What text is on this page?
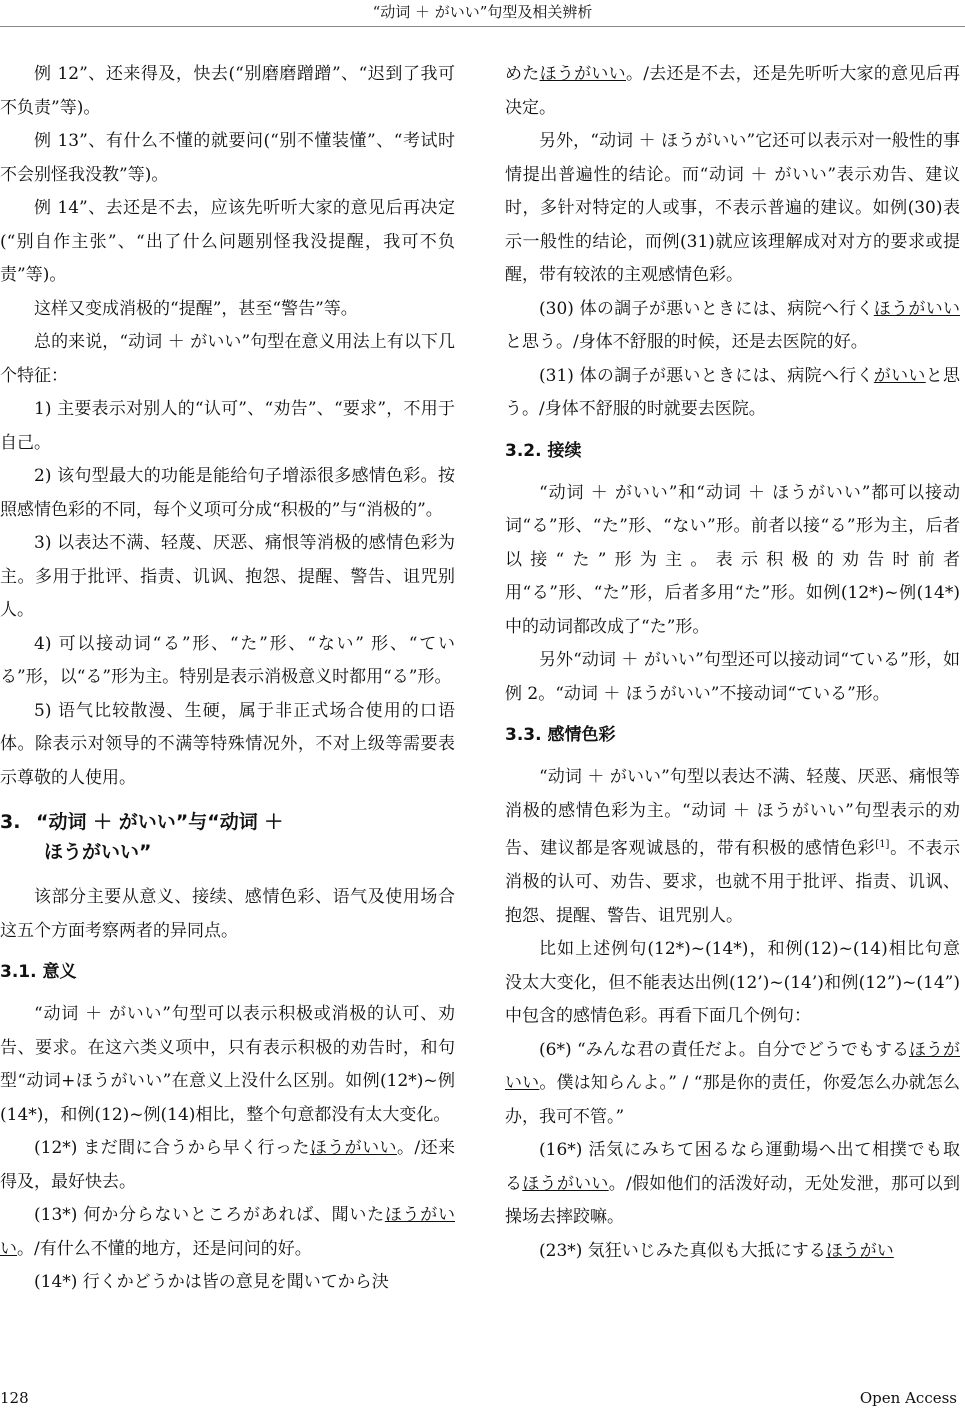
“动词 ＋ がいい”句型及相关辨析

例 12”、还来得及，快去(“别磨磨蹭蹭”、“迟到了我可不负责”等)。

例 13”、有什么不懂的就要问(“别不懂装懂”、“考试时不会别怪我没教”等)。

例 14”、去还是不去，应该先听听大家的意见后再决定(“别自作主张”、“出了什么问题别怪我没提醒，我可不负责”等)。

这样又变成消极的“提醒”，甚至“警告”等。

总的来说，“动词 ＋ がいい”句型在意义用法上有以下几个特征：

1) 主要表示对别人的“认可”、“劝告”、“要求”，不用于自己。

2) 该句型最大的功能是能给句子增添很多感情色彩。按照感情色彩的不同，每个义项可分成“积极的”与“消极的”。

3) 以表达不满、轻蔑、厌恶、痛恨等消极的感情色彩为主。多用于批评、指责、讥讽、抱怨、提醒、警告、诅咒别人。

4) 可以接动词“る”形、“た”形、“ない” 形、“ている”形，以“る”形为主。特别是表示消极意义时都用“る”形。

5) 语气比较散漫、生硬，属于非正式场合使用的口语体。除表示对领导的不满等特殊情况外，不对上级等需要表示尊敬的人使用。

3. “动词 ＋ がいい”与“动词 ＋
ほうがいい”

该部分主要从意义、接续、感情色彩、语气及使用场合这五个方面考察两者的异同点。

3.1. 意义

“动词 ＋ がいい”句型可以表示积极或消极的认可、劝告、要求。在这六类义项中，只有表示积极的劝告时，和句型“动词+ほうがいい”在意义上没什么区别。如例(12*)~例(14*)，和例(12)~例(14)相比，整个句意都没有太大变化。

(12*) まだ間に合うから早く行ったほうがいい。/还来得及，最好快去。

(13*) 何か分らないところがあれば、聞いたほうがいい。/有什么不懂的地方，还是问问的好。

(14*) 行くかどうかは皆の意見を聞いてから決

めたほうがいい。/去还是不去，还是先听听大家的意见后再决定。

另外，“动词 ＋ ほうがいい”它还可以表示对一般性的事情提出普遍性的结论。而“动词 ＋ がいい”表示劝告、建议时，多针对特定的人或事，不表示普遍的建议。如例(30)表示一般性的结论，而例(31)就应该理解成对对方的要求或提醒，带有较浓的主观感情色彩。

(30) 体の調子が悪いときには、病院へ行くほうがいいと思う。/身体不舒服的时候，还是去医院的好。

(31) 体の調子が悪いときには、病院へ行くがいいと思う。/身体不舒服的时就要去医院。

3.2. 接续

“动词 ＋ がいい”和“动词 ＋ ほうがいい”都可以接动词“る”形、“た”形、“ない”形。前者以接“る”形为主，后者以接“た”形为主。表示积极的劝告时前者用“る”形、“た”形，后者多用“た”形。如例(12*)~例(14*)中的动词都改成了“た”形。

另外“动词 ＋ がいい”句型还可以接动词“ている”形，如例 2。“动词 ＋ ほうがいい”不接动词“ている”形。

3.3. 感情色彩

“动词 ＋ がいい”句型以表达不满、轻蔑、厌恶、痛恨等消极的感情色彩为主。“动词 ＋ ほうがいい”句型表示的劝告、建议都是客观诚恳的，带有积极的感情色彩[1]。不表示消极的认可、劝告、要求，也就不用于批评、指责、讥讽、抱怨、提醒、警告、诅咒别人。

比如上述例句(12*)~(14*)，和例(12)~(14)相比句意没太大变化，但不能表达出例(12’)~(14’)和例(12”)~(14”)中包含的感情色彩。再看下面几个例句：

(6*) “みんな君の責任だよ。自分でどうでもするほうがいい。僕は知らんよ。” / “那是你的责任，你爱怎么办就怎么办，我可不管。”

(16*) 活気にみちて困るなら運動場へ出て相撲でも取るほうがいい。/假如他们的活泼好动，无处发泄，那可以到操场去摔跤嘛。

(23*) 気狂いじみた真似も大抵にするほうがい

128	Open Access
